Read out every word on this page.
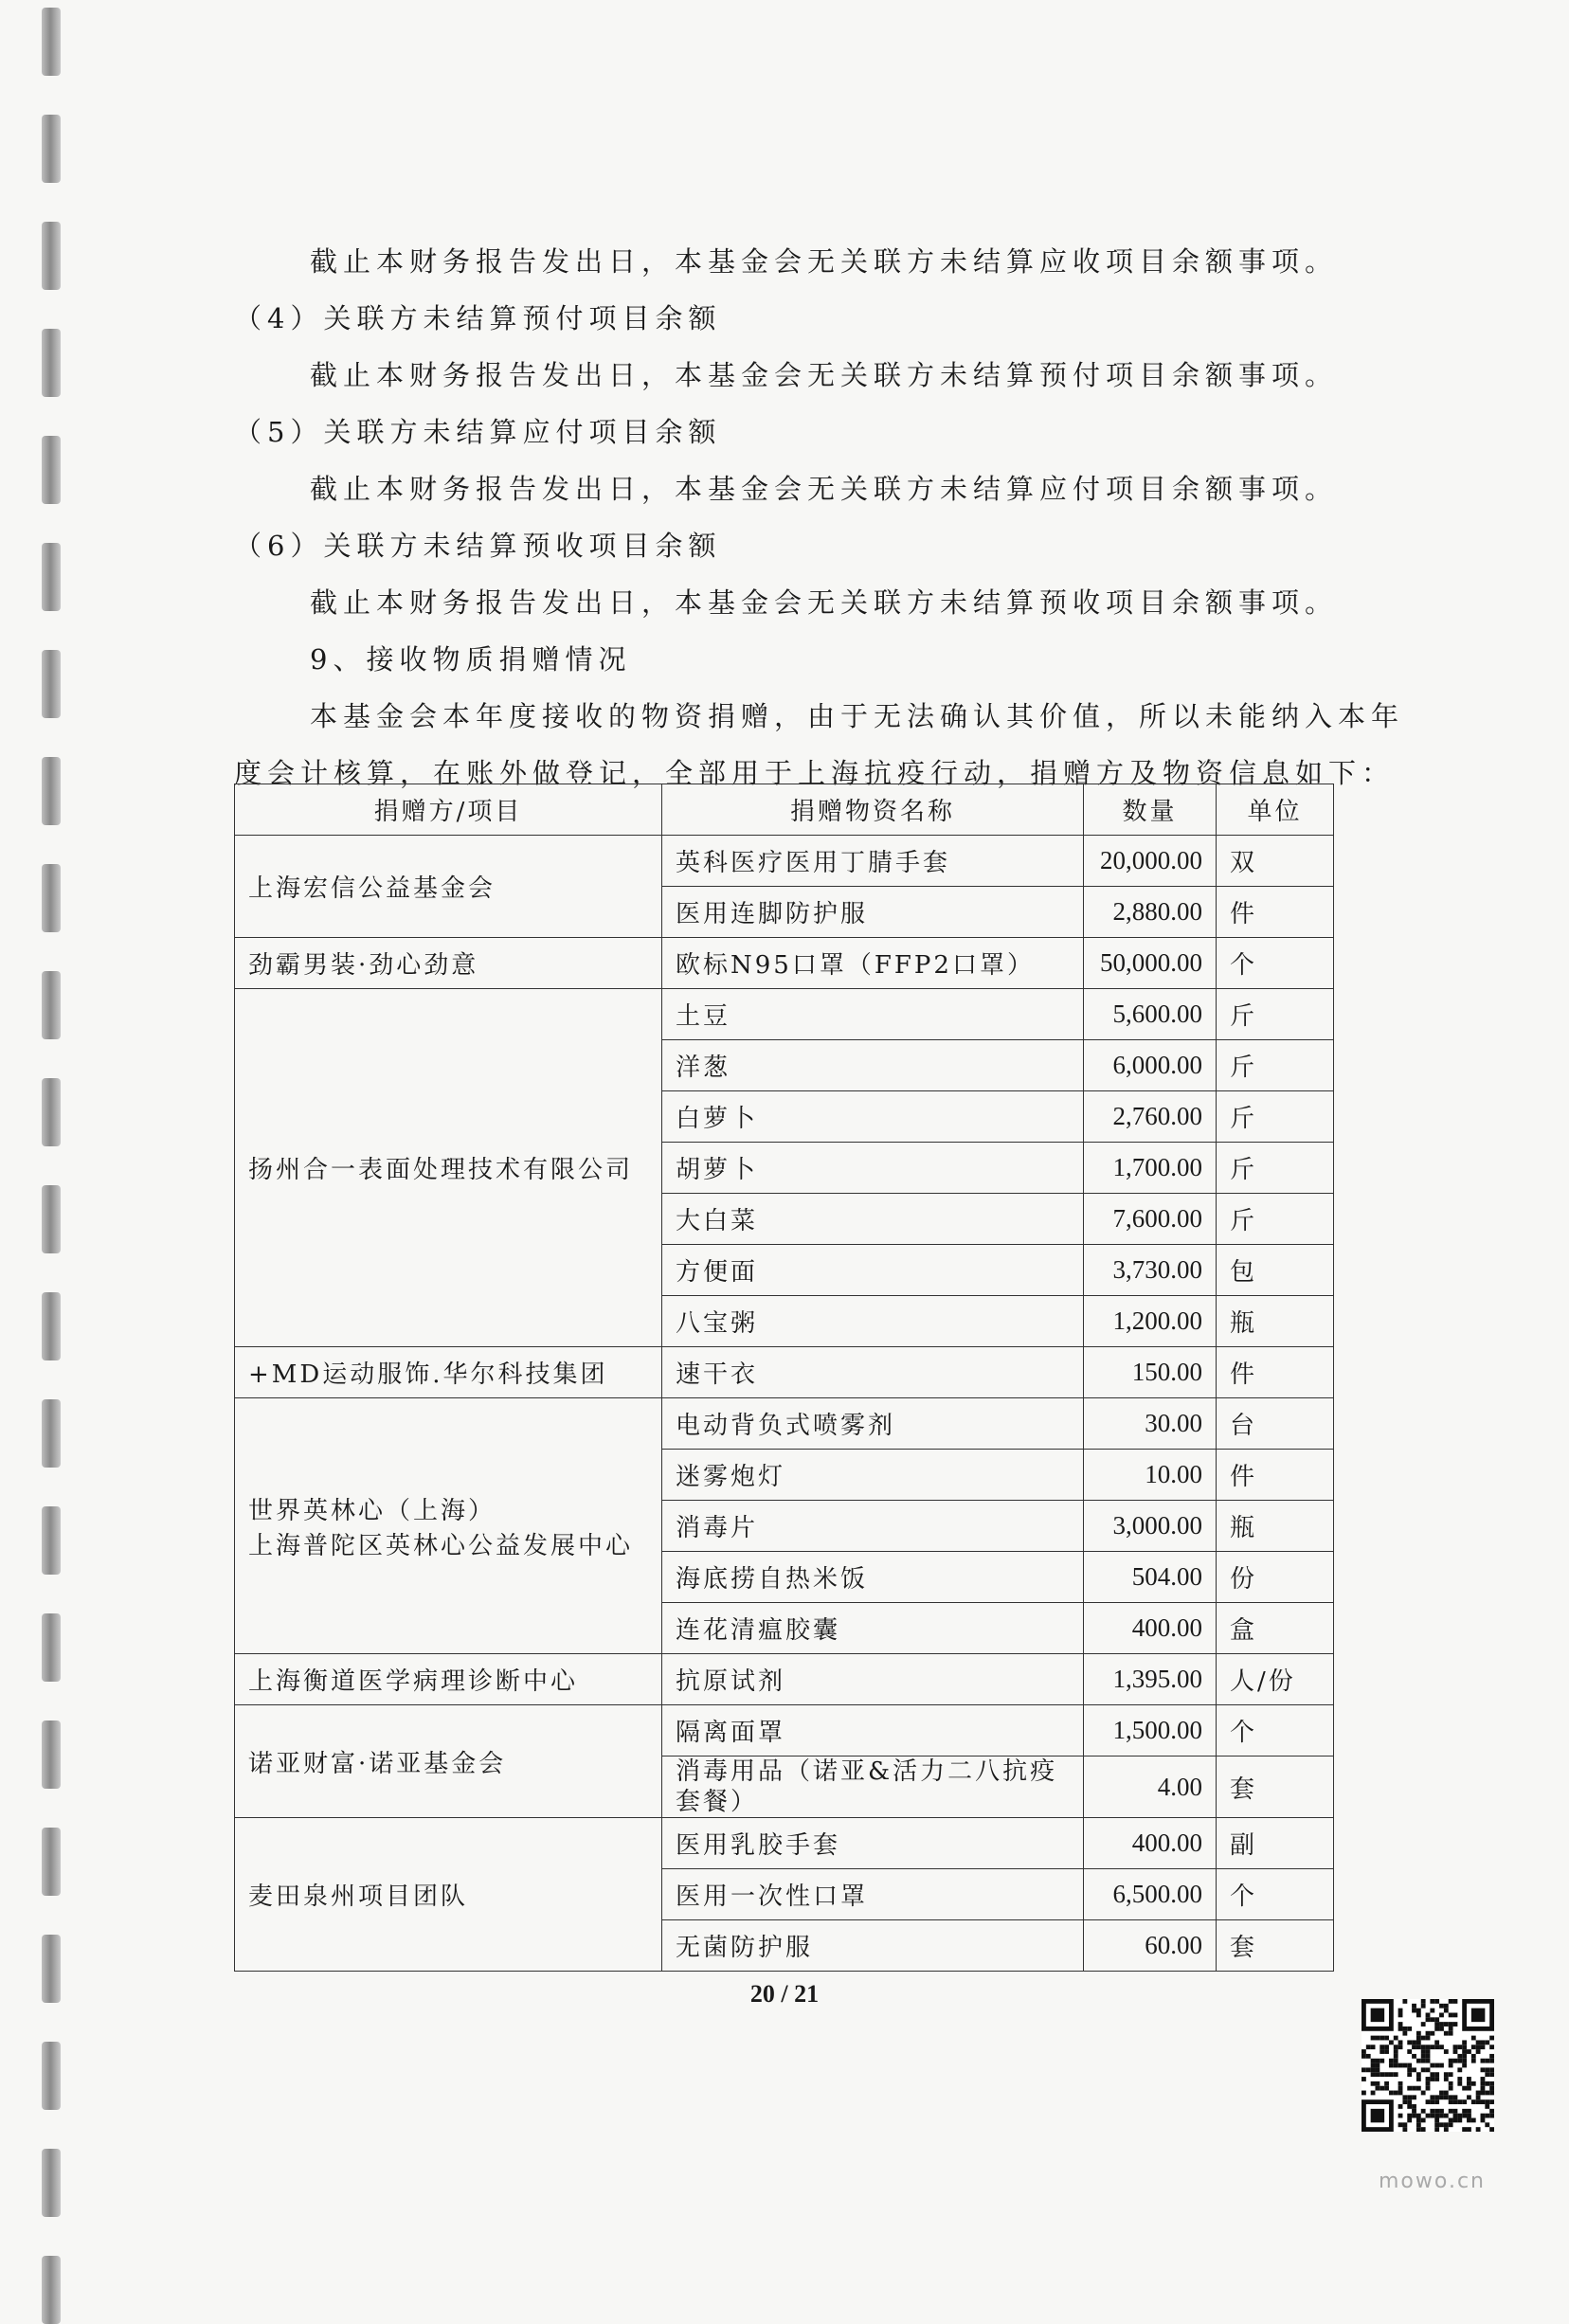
截止本财务报告发出日，本基金会无关联方未结算应收项目余额事项。
（4）关联方未结算预付项目余额
截止本财务报告发出日，本基金会无关联方未结算预付项目余额事项。
（5）关联方未结算应付项目余额
截止本财务报告发出日，本基金会无关联方未结算应付项目余额事项。
（6）关联方未结算预收项目余额
截止本财务报告发出日，本基金会无关联方未结算预收项目余额事项。
9、接收物质捐赠情况
本基金会本年度接收的物资捐赠，由于无法确认其价值，所以未能纳入本年
度会计核算，在账外做登记，全部用于上海抗疫行动，捐赠方及物资信息如下：
捐赠方/项目	捐赠物资名称	数量	单位

上海宏信公益基金会	英科医疗医用丁腈手套	20,000.00	双
	医用连脚防护服	2,880.00	件

劲霸男装·劲心劲意	欧标N95口罩（FFP2口罩）	50,000.00	个

扬州合一表面处理技术有限公司	土豆	5,600.00	斤
	洋葱	6,000.00	斤
	白萝卜	2,760.00	斤
	胡萝卜	1,700.00	斤
	大白菜	7,600.00	斤
	方便面	3,730.00	包
	八宝粥	1,200.00	瓶

+MD运动服饰.华尔科技集团	速干衣	150.00	件

世界英林心（上海）
上海普陀区英林心公益发展中心	电动背负式喷雾剂	30.00	台
	迷雾炮灯	10.00	件
	消毒片	3,000.00	瓶
	海底捞自热米饭	504.00	份
	连花清瘟胶囊	400.00	盒

上海衡道医学病理诊断中心	抗原试剂	1,395.00	人/份

诺亚财富·诺亚基金会	隔离面罩	1,500.00	个
	消毒用品（诺亚&活力二八抗疫套餐）	4.00	套

麦田泉州项目团队	医用乳胶手套	400.00	副
	医用一次性口罩	6,500.00	个
	无菌防护服	60.00	套
20 / 21
mowo.cn
